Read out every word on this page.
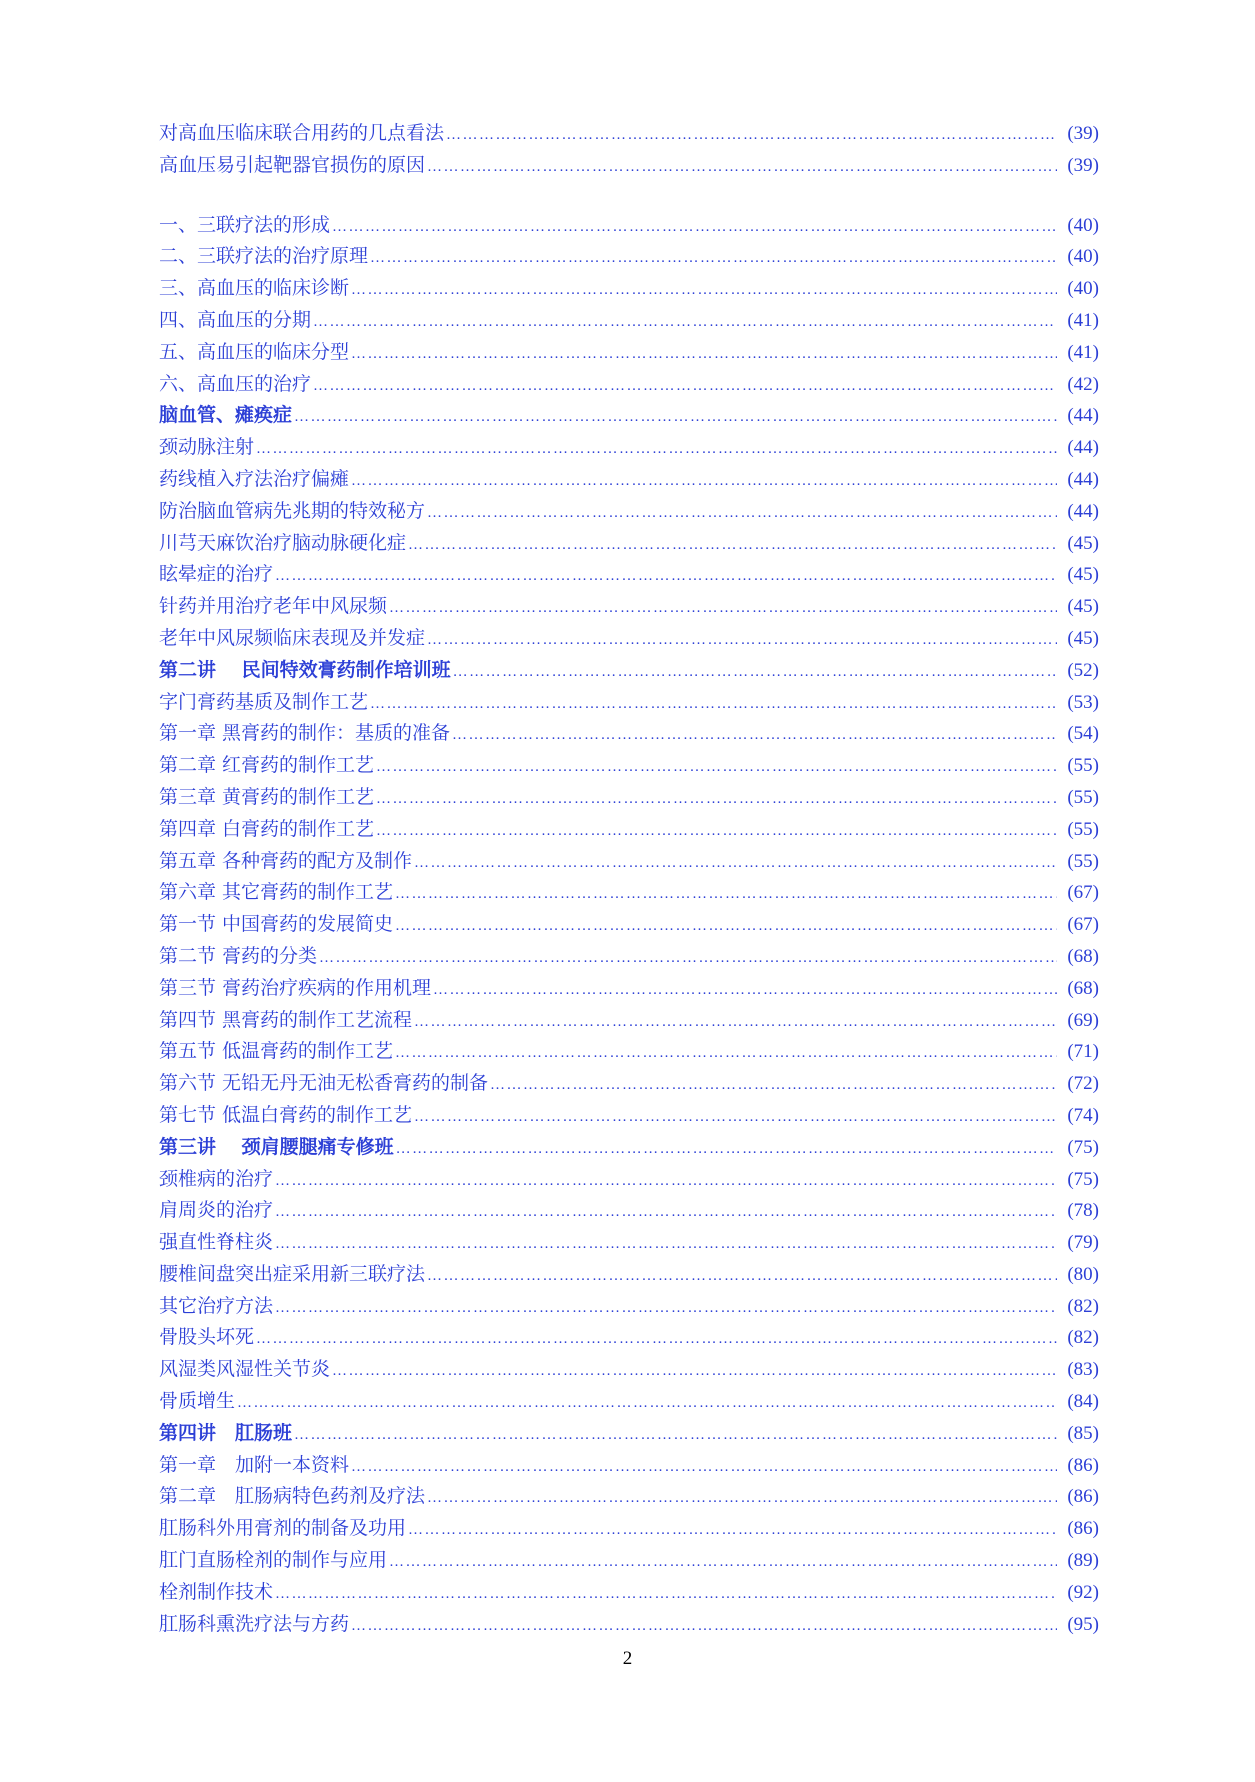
对高血压临床联合用药的几点看法 …………………………………………………………………………………………………………………………………………………………………………………………………	(39)
高血压易引起靶器官损伤的原因 …………………………………………………………………………………………………………………………………………………………………………………………………	(39)
一、三联疗法的形成 …………………………………………………………………………………………………………………………………………………………………………………………………	(40)
二、三联疗法的治疗原理 …………………………………………………………………………………………………………………………………………………………………………………………………	(40)
三、高血压的临床诊断 …………………………………………………………………………………………………………………………………………………………………………………………………	(40)
四、高血压的分期 …………………………………………………………………………………………………………………………………………………………………………………………………	(41)
五、高血压的临床分型 …………………………………………………………………………………………………………………………………………………………………………………………………	(41)
六、高血压的治疗 …………………………………………………………………………………………………………………………………………………………………………………………………	(42)
脑血管、瘫痪症 …………………………………………………………………………………………………………………………………………………………………………………………………	(44)
颈动脉注射 …………………………………………………………………………………………………………………………………………………………………………………………………	(44)
药线植入疗法治疗偏瘫 …………………………………………………………………………………………………………………………………………………………………………………………………	(44)
防治脑血管病先兆期的特效秘方 …………………………………………………………………………………………………………………………………………………………………………………………………	(44)
川芎天麻饮治疗脑动脉硬化症 …………………………………………………………………………………………………………………………………………………………………………………………………	(45)
眩晕症的治疗 …………………………………………………………………………………………………………………………………………………………………………………………………	(45)
针药并用治疗老年中风尿频 …………………………………………………………………………………………………………………………………………………………………………………………………	(45)
老年中风尿频临床表现及并发症 …………………………………………………………………………………………………………………………………………………………………………………………………	(45)
第二讲　 民间特效膏药制作培训班 …………………………………………………………………………………………………………………………………………………………………………………………………	(52)
字门膏药基质及制作工艺 …………………………………………………………………………………………………………………………………………………………………………………………………	(53)
第一章 黑膏药的制作：基质的准备 …………………………………………………………………………………………………………………………………………………………………………………………………	(54)
第二章 红膏药的制作工艺 …………………………………………………………………………………………………………………………………………………………………………………………………	(55)
第三章 黄膏药的制作工艺 …………………………………………………………………………………………………………………………………………………………………………………………………	(55)
第四章 白膏药的制作工艺 …………………………………………………………………………………………………………………………………………………………………………………………………	(55)
第五章 各种膏药的配方及制作 …………………………………………………………………………………………………………………………………………………………………………………………………	(55)
第六章 其它膏药的制作工艺 …………………………………………………………………………………………………………………………………………………………………………………………………	(67)
第一节 中国膏药的发展简史 …………………………………………………………………………………………………………………………………………………………………………………………………	(67)
第二节 膏药的分类 …………………………………………………………………………………………………………………………………………………………………………………………………	(68)
第三节 膏药治疗疾病的作用机理 …………………………………………………………………………………………………………………………………………………………………………………………………	(68)
第四节 黑膏药的制作工艺流程 …………………………………………………………………………………………………………………………………………………………………………………………………	(69)
第五节 低温膏药的制作工艺 …………………………………………………………………………………………………………………………………………………………………………………………………	(71)
第六节 无铅无丹无油无松香膏药的制备 …………………………………………………………………………………………………………………………………………………………………………………………………	(72)
第七节 低温白膏药的制作工艺 …………………………………………………………………………………………………………………………………………………………………………………………………	(74)
第三讲　 颈肩腰腿痛专修班 …………………………………………………………………………………………………………………………………………………………………………………………………	(75)
颈椎病的治疗 …………………………………………………………………………………………………………………………………………………………………………………………………	(75)
肩周炎的治疗 …………………………………………………………………………………………………………………………………………………………………………………………………	(78)
强直性脊柱炎 …………………………………………………………………………………………………………………………………………………………………………………………………	(79)
腰椎间盘突出症采用新三联疗法 …………………………………………………………………………………………………………………………………………………………………………………………………	(80)
其它治疗方法 …………………………………………………………………………………………………………………………………………………………………………………………………	(82)
骨股头坏死 …………………………………………………………………………………………………………………………………………………………………………………………………	(82)
风湿类风湿性关节炎 …………………………………………………………………………………………………………………………………………………………………………………………………	(83)
骨质增生 …………………………………………………………………………………………………………………………………………………………………………………………………	(84)
第四讲　肛肠班 …………………………………………………………………………………………………………………………………………………………………………………………………	(85)
第一章　加附一本资料 …………………………………………………………………………………………………………………………………………………………………………………………………	(86)
第二章　肛肠病特色药剂及疗法 …………………………………………………………………………………………………………………………………………………………………………………………………	(86)
肛肠科外用膏剂的制备及功用 …………………………………………………………………………………………………………………………………………………………………………………………………	(86)
肛门直肠栓剂的制作与应用 …………………………………………………………………………………………………………………………………………………………………………………………………	(89)
栓剂制作技术 …………………………………………………………………………………………………………………………………………………………………………………………………	(92)
肛肠科熏洗疗法与方药 …………………………………………………………………………………………………………………………………………………………………………………………………	(95)
2
